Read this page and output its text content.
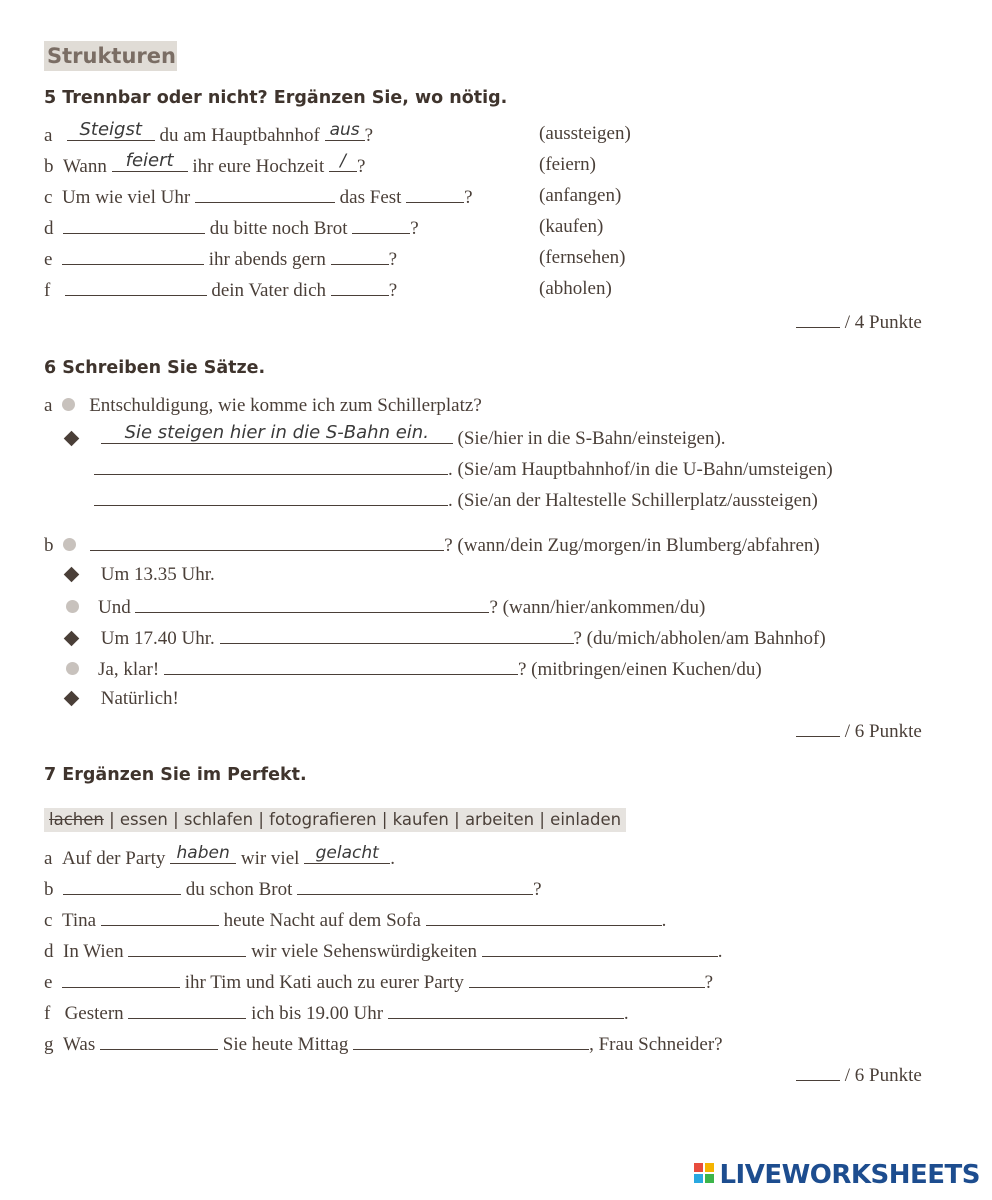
Strukturen
5 Trennbar oder nicht? Ergänzen Sie, wo nötig.
a	Steigst du am Hauptbahnhof aus ?	(aussteigen)
b Wann feiert ihr eure Hochzeit / ?	(feiern)
c Um wie viel Uhr	das Fest	?	(anfangen)
d	du bitte noch Brot	?	(kaufen)
e	ihr abends gern	?	(fernsehen)
f	dein Vater dich	?	(abholen)
/ 4 Punkte
6 Schreiben Sie Sätze.
a Entschuldigung, wie komme ich zum Schillerplatz?

Sie steigen hier in die S-Bahn ein.	(Sie/hier in die S-Bahn/einsteigen).
. (Sie/am Hauptbahnhof/in die U-Bahn/umsteigen)
. (Sie/an der Haltestelle Schillerplatz/aussteigen)
b	? (wann/dein Zug/morgen/in Blumberg/abfahren)
Um 13.35 Uhr.
Und	? (wann/hier/ankommen/du)
Um 17.40 Uhr.	? (du/mich/abholen/am Bahnhof)
Ja, klar!	? (mitbringen/einen Kuchen/du)
Natürlich!
/ 6 Punkte
7 Ergänzen Sie im Perfekt.
lachen | essen | schlafen | fotografieren | kaufen | arbeiten | einladen
a Auf der Party haben wir viel gelacht .
b	du schon Brot	?
c Tina	heute Nacht auf dem Sofa	.
d In Wien	wir viele Sehenswürdigkeiten	.
e	ihr Tim und Kati auch zu eurer Party	?
f Gestern	ich bis 19.00 Uhr	.
g Was	Sie heute Mittag	, Frau Schneider?
/ 6 Punkte
LIVEWORKSHEETS
